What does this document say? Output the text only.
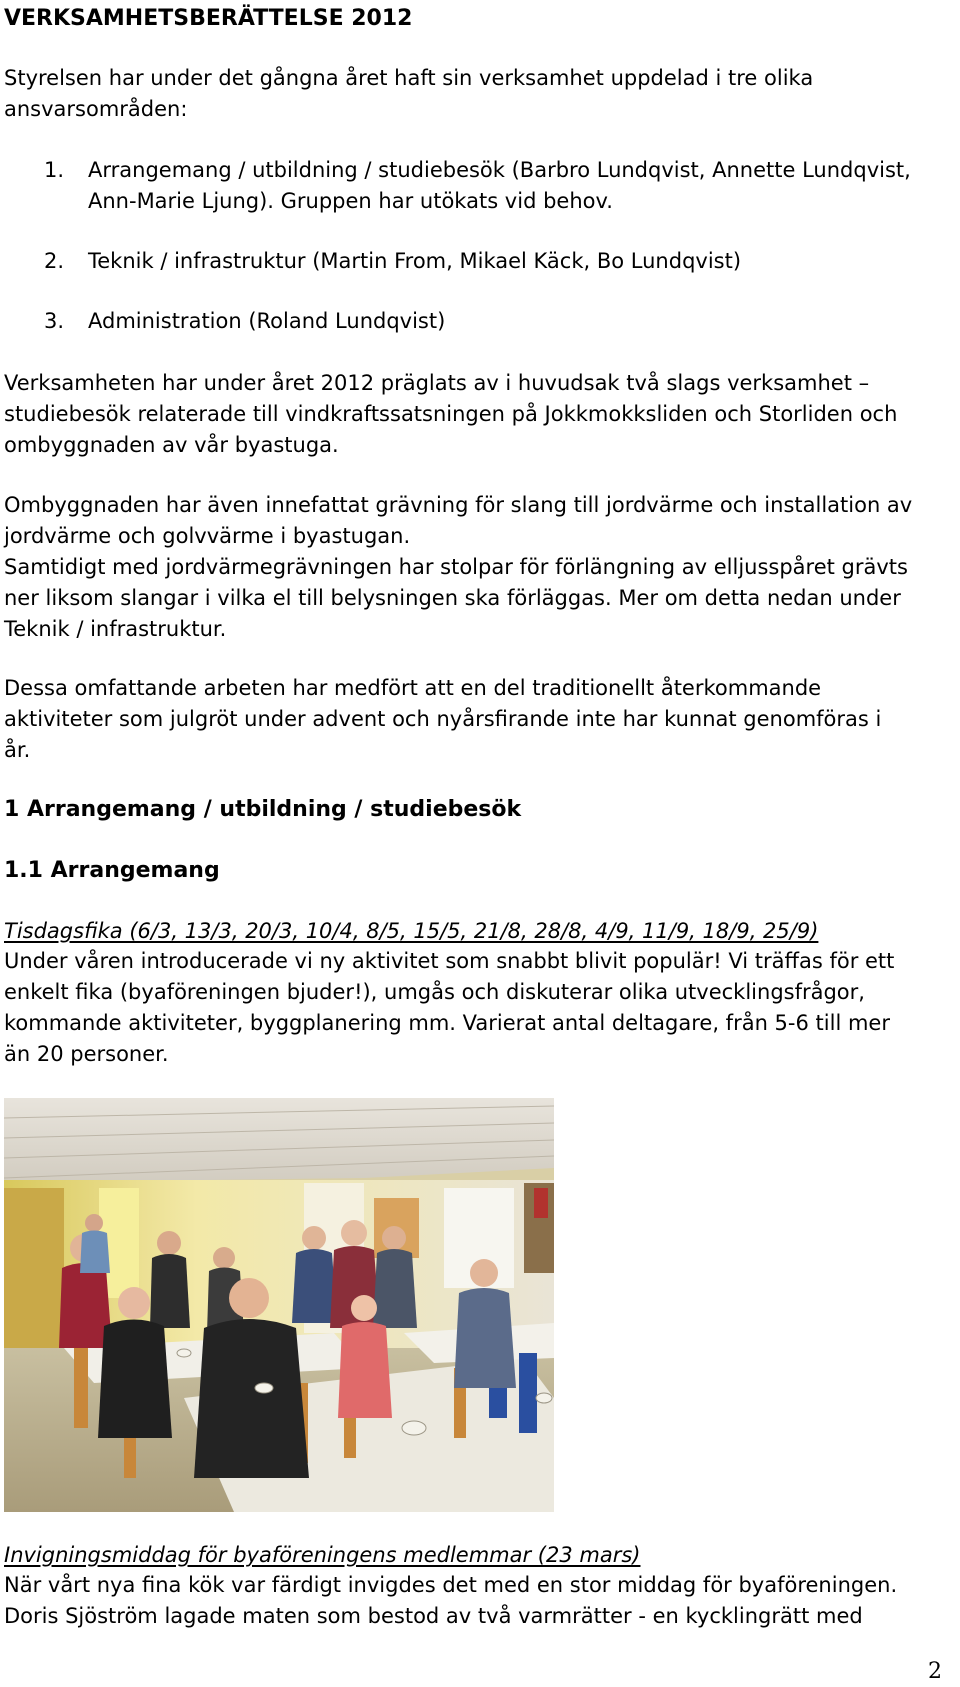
VERKSAMHETSBERÄTTELSE 2012

Styrelsen har under det gångna året haft sin verksamhet uppdelad i tre olika
ansvarsområden:

1. Arrangemang / utbildning / studiebesök (Barbro Lundqvist, Annette Lundqvist,
Ann-Marie Ljung). Gruppen har utökats vid behov.
2. Teknik / infrastruktur (Martin From, Mikael Käck, Bo Lundqvist)
3. Administration (Roland Lundqvist)

Verksamheten har under året 2012 präglats av i huvudsak två slags verksamhet –
studiebesök relaterade till vindkraftssatsningen på Jokkmokksliden och Storliden och
ombyggnaden av vår byastuga.

Ombyggnaden har även innefattat grävning för slang till jordvärme och installation av
jordvärme och golvvärme i byastugan.
Samtidigt med jordvärmegrävningen har stolpar för förlängning av elljusspåret grävts
ner liksom slangar i vilka el till belysningen ska förläggas. Mer om detta nedan under
Teknik / infrastruktur.

Dessa omfattande arbeten har medfört att en del traditionellt återkommande
aktiviteter som julgröt under advent och nyårsfirande inte har kunnat genomföras i
år.

1 Arrangemang / utbildning / studiebesök
1.1 Arrangemang

Tisdagsfika (6/3, 13/3, 20/3, 10/4, 8/5, 15/5, 21/8, 28/8, 4/9, 11/9, 18/9, 25/9)

Under våren introducerade vi ny aktivitet som snabbt blivit populär! Vi träffas för ett
enkelt fika (byaföreningen bjuder!), umgås och diskuterar olika utvecklingsfrågor,
kommande aktiviteter, byggplanering mm. Varierat antal deltagare, från 5-6 till mer
än 20 personer.

Invigningsmiddag för byaföreningens medlemmar (23 mars)

När vårt nya fina kök var färdigt invigdes det med en stor middag för byaföreningen.
Doris Sjöström lagade maten som bestod av två varmrätter - en kycklingrätt med

2
